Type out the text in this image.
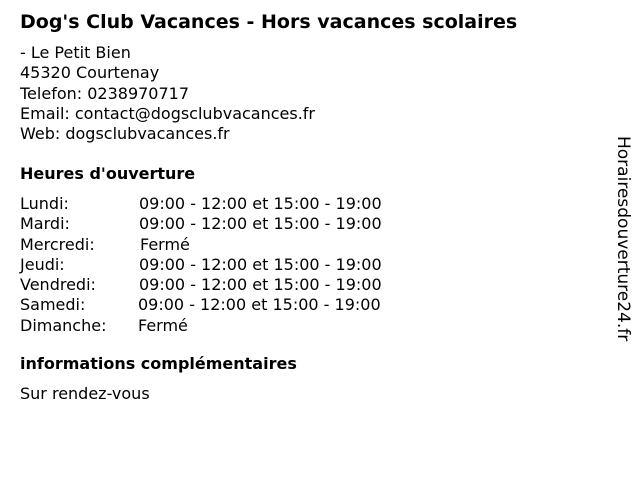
Dog's Club Vacances - Hors vacances scolaires
- Le Petit Bien
45320 Courtenay
Telefon: 0238970717
Email: contact@dogsclubvacances.fr
Web: dogsclubvacances.fr
Heures d'ouverture
Lundi:	09:00 - 12:00 et 15:00 - 19:00
Mardi:	09:00 - 12:00 et 15:00 - 19:00
Mercredi:	Fermé
Jeudi:	09:00 - 12:00 et 15:00 - 19:00
Vendredi:	09:00 - 12:00 et 15:00 - 19:00
Samedi:	09:00 - 12:00 et 15:00 - 19:00
Dimanche: Fermé
informations complémentaires
Sur rendez-vous
Horairesdouverture24.fr
